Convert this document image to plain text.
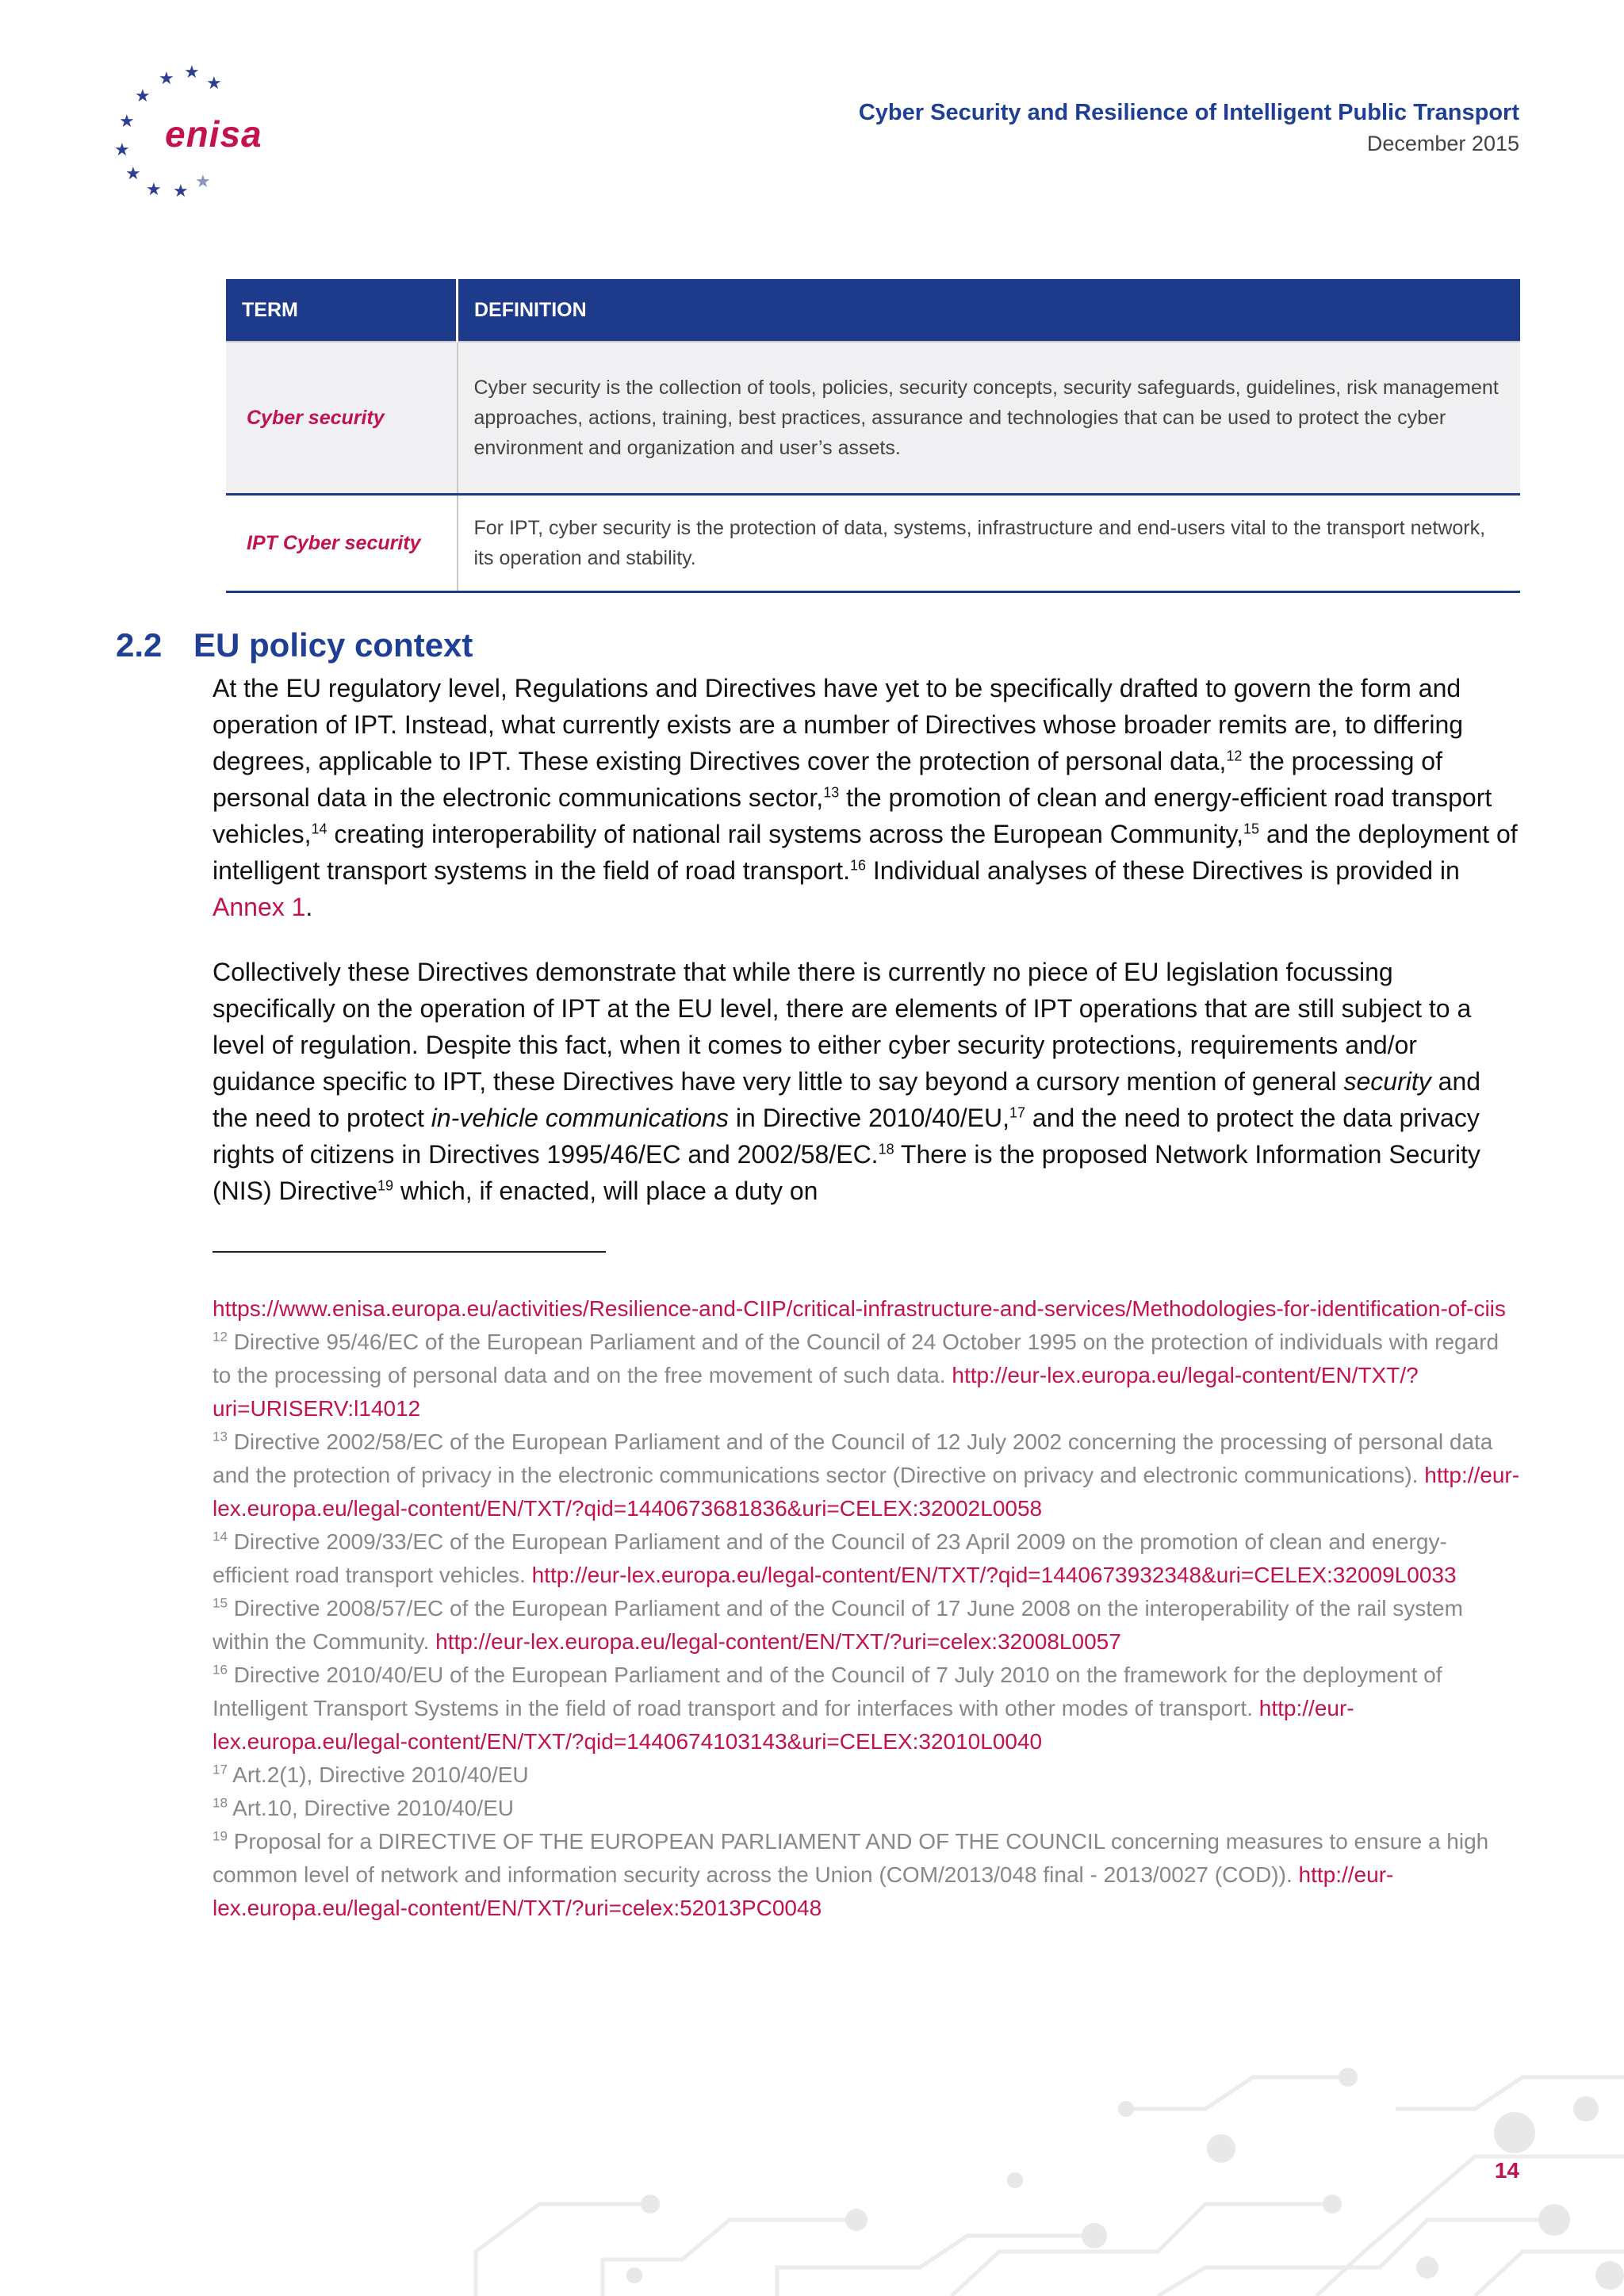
★ ★
★
★
★
★
★
★ ★ ★
enisa
Cyber Security and Resilience of Intelligent Public Transport
December 2015
TERM	DEFINITION
Cyber security	Cyber security is the collection of tools, policies, security concepts, security safeguards, guidelines, risk management approaches, actions, training, best practices, assurance and technologies that can be used to protect the cyber environment and organization and user’s assets.
IPT Cyber security	For IPT, cyber security is the protection of data, systems, infrastructure and end-users vital to the transport network, its operation and stability.
2.2 EU policy context
At the EU regulatory level, Regulations and Directives have yet to be specifically drafted to govern the form and operation of IPT. Instead, what currently exists are a number of Directives whose broader remits are, to differing degrees, applicable to IPT. These existing Directives cover the protection of personal data,$^{12}$ the processing of personal data in the electronic communications sector,$^{13}$ the promotion of clean and energy-efficient road transport vehicles,$^{14}$ creating interoperability of national rail systems across the European Community,$^{15}$ and the deployment of intelligent transport systems in the field of road transport.$^{16}$ Individual analyses of these Directives is provided in Annex 1.
Collectively these Directives demonstrate that while there is currently no piece of EU legislation focussing specifically on the operation of IPT at the EU level, there are elements of IPT operations that are still subject to a level of regulation. Despite this fact, when it comes to either cyber security protections, requirements and/or guidance specific to IPT, these Directives have very little to say beyond a cursory mention of general security and the need to protect in-vehicle communications in Directive 2010/40/EU,$^{17}$ and the need to protect the data privacy rights of citizens in Directives 1995/46/EC and 2002/58/EC.$^{18}$ There is the proposed Network Information Security (NIS) Directive$^{19}$ which, if enacted, will place a duty on
https://www.enisa.europa.eu/activities/Resilience-and-CIIP/critical-infrastructure-and-services/Methodologies-for-identification-of-ciis
$^{12}$ Directive 95/46/EC of the European Parliament and of the Council of 24 October 1995 on the protection of individuals with regard to the processing of personal data and on the free movement of such data. http://eur-lex.europa.eu/legal-content/EN/TXT/?uri=URISERV:l14012
$^{13}$ Directive 2002/58/EC of the European Parliament and of the Council of 12 July 2002 concerning the processing of personal data and the protection of privacy in the electronic communications sector (Directive on privacy and electronic communications). http://eur-lex.europa.eu/legal-content/EN/TXT/?qid=1440673681836&uri=CELEX:32002L0058
$^{14}$ Directive 2009/33/EC of the European Parliament and of the Council of 23 April 2009 on the promotion of clean and energy-efficient road transport vehicles. http://eur-lex.europa.eu/legal-content/EN/TXT/?qid=1440673932348&uri=CELEX:32009L0033
$^{15}$ Directive 2008/57/EC of the European Parliament and of the Council of 17 June 2008 on the interoperability of the rail system within the Community. http://eur-lex.europa.eu/legal-content/EN/TXT/?uri=celex:32008L0057
$^{16}$ Directive 2010/40/EU of the European Parliament and of the Council of 7 July 2010 on the framework for the deployment of Intelligent Transport Systems in the field of road transport and for interfaces with other modes of transport. http://eur-lex.europa.eu/legal-content/EN/TXT/?qid=1440674103143&uri=CELEX:32010L0040
$^{17}$ Art.2(1), Directive 2010/40/EU
$^{18}$ Art.10, Directive 2010/40/EU
$^{19}$ Proposal for a DIRECTIVE OF THE EUROPEAN PARLIAMENT AND OF THE COUNCIL concerning measures to ensure a high common level of network and information security across the Union (COM/2013/048 final - 2013/0027 (COD)). http://eur-lex.europa.eu/legal-content/EN/TXT/?uri=celex:52013PC0048
14
